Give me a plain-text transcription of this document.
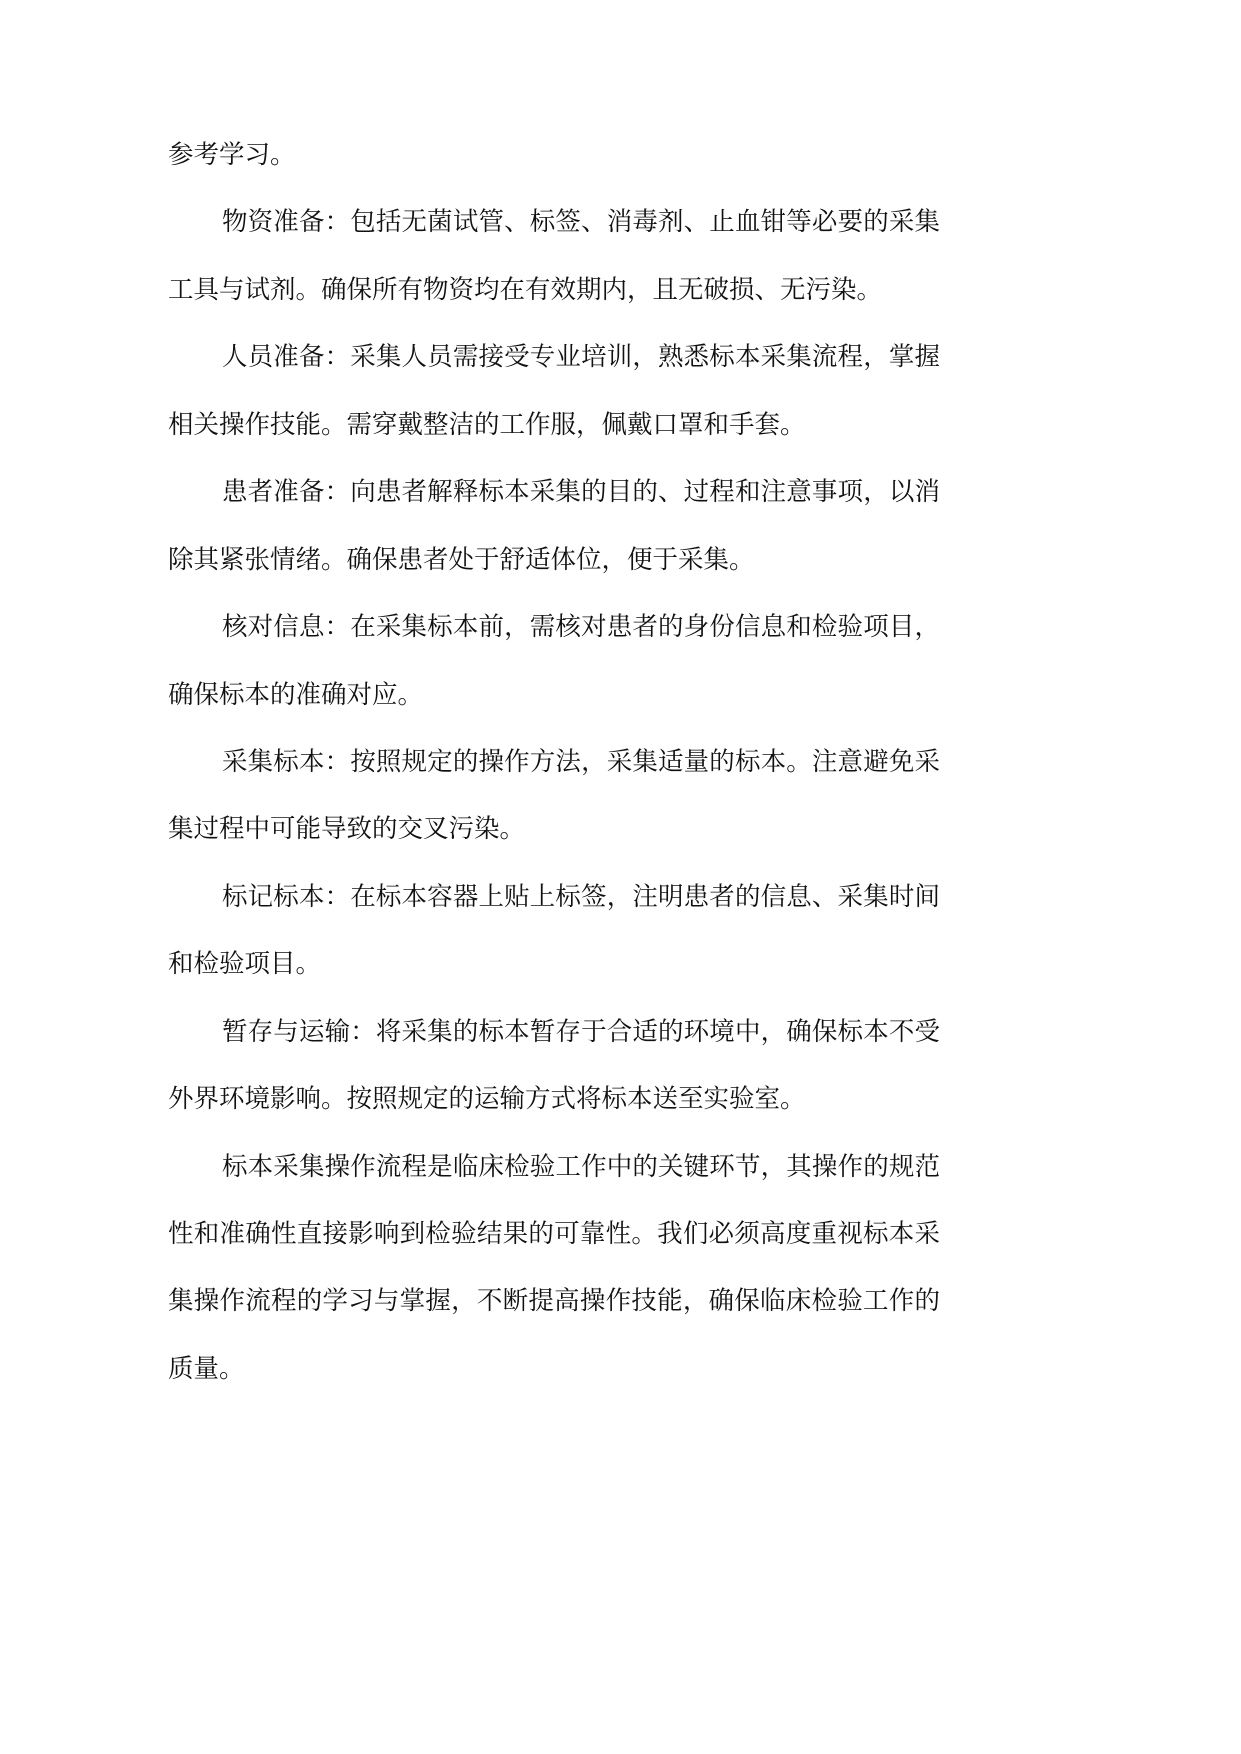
参考学习。
物资准备：包括无菌试管、标签、消毒剂、止血钳等必要的采集
工具与试剂。确保所有物资均在有效期内，且无破损、无污染。
人员准备：采集人员需接受专业培训，熟悉标本采集流程，掌握
相关操作技能。需穿戴整洁的工作服，佩戴口罩和手套。
患者准备：向患者解释标本采集的目的、过程和注意事项，以消
除其紧张情绪。确保患者处于舒适体位，便于采集。
核对信息：在采集标本前，需核对患者的身份信息和检验项目，
确保标本的准确对应。
采集标本：按照规定的操作方法，采集适量的标本。注意避免采
集过程中可能导致的交叉污染。
标记标本：在标本容器上贴上标签，注明患者的信息、采集时间
和检验项目。
暂存与运输：将采集的标本暂存于合适的环境中，确保标本不受
外界环境影响。按照规定的运输方式将标本送至实验室。
标本采集操作流程是临床检验工作中的关键环节，其操作的规范
性和准确性直接影响到检验结果的可靠性。我们必须高度重视标本采
集操作流程的学习与掌握，不断提高操作技能，确保临床检验工作的
质量。
